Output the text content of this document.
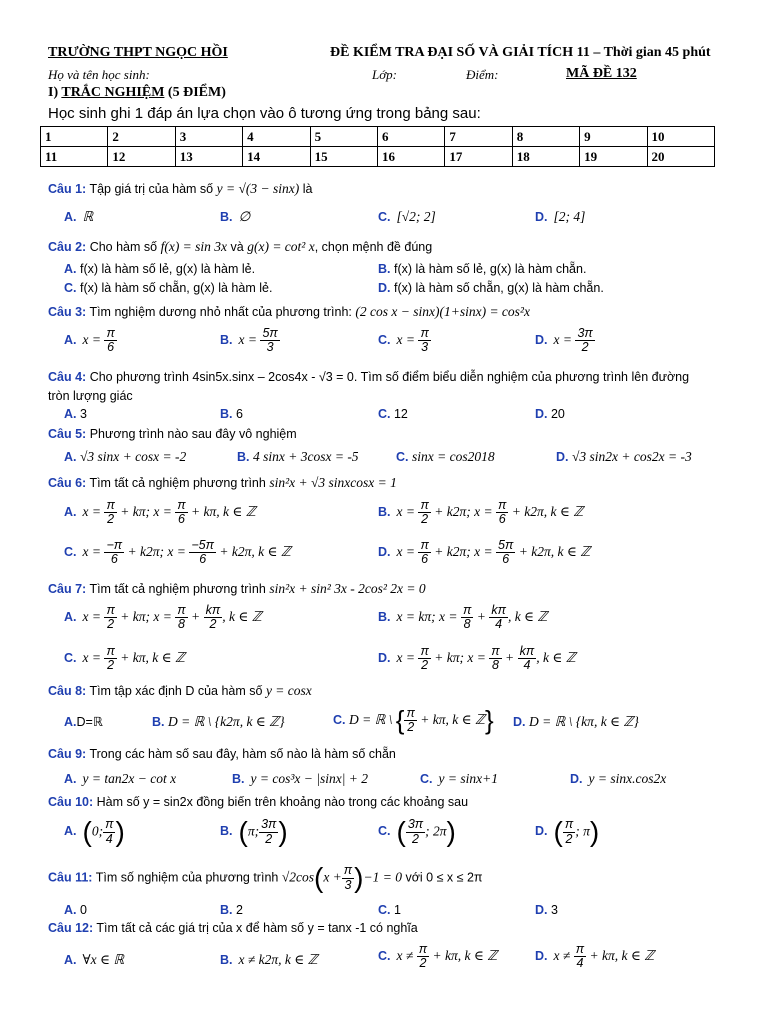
TRƯỜNG THPT NGỌC HỒI	ĐỀ KIỂM TRA ĐẠI SỐ VÀ GIẢI TÍCH 11 – Thời gian 45 phút
Họ và tên học sinh:	Lớp:	Điểm:	MÃ ĐỀ 132
I) TRẮC NGHIỆM (5 ĐIỂM)
Học sinh ghi 1 đáp án lựa chọn vào ô tương ứng trong bảng sau:
1	2	3	4	5	6	7	8	9	10
11	12	13	14	15	16	17	18	19	20
Câu 1: Tập giá trị của hàm số y = √(3 − sinx) là
A. ℝ	B. ∅	C. [√2; 2]	D. [2; 4]
Câu 2: Cho hàm số f(x) = sin 3x và g(x) = cot² x, chọn mệnh đề đúng
A. f(x) là hàm số lẻ, g(x) là hàm lẻ.	B. f(x) là hàm số lẻ, g(x) là hàm chẵn.
C. f(x) là hàm số chẵn, g(x) là hàm lẻ.	D. f(x) là hàm số chẵn, g(x) là hàm chẵn.
Câu 3: Tìm nghiệm dương nhỏ nhất của phương trình: (2 cos x − sinx)(1+sinx) = cos²x
A. $x = \frac{\pi}{6}$	B. $x = \frac{5\pi}{3}$	C. $x = \frac{\pi}{3}$	D. $x = \frac{3\pi}{2}$
Câu 4: Cho phương trình 4sin5x.sinx – 2cos4x - √3 = 0. Tìm số điểm biểu diễn nghiệm của phương trình lên đường
tròn lượng giác
A. 3	B. 6	C. 12	D. 20
Câu 5: Phương trình nào sau đây vô nghiệm
A. √3 sinx + cosx = -2	B. 4 sinx + 3cosx = -5	C. sinx = cos2018	D. √3 sin2x + cos2x = -3
Câu 6: Tìm tất cả nghiệm phương trình sin²x + √3 sinxcosx = 1
A. $x = \frac{\pi}{2} + k\pi$; $x = \frac{\pi}{6} + k\pi$, k ∈ ℤ	B. $x = \frac{\pi}{2} + k2\pi$; $x = \frac{\pi}{6} + k2\pi$, k ∈ ℤ
C. $x = \frac{-\pi}{6} + k2\pi$; $x = \frac{-5\pi}{6} + k2\pi$, k ∈ ℤ	D. $x = \frac{\pi}{6} + k2\pi$; $x = \frac{5\pi}{6} + k2\pi$, k ∈ ℤ
Câu 7: Tìm tất cả nghiệm phương trình sin²x + sin² 3x - 2cos² 2x = 0
A. $x = \frac{\pi}{2} + k\pi$; $x = \frac{\pi}{8} + \frac{k\pi}{2}$ , k ∈ ℤ	B. x = kπ; $x = \frac{\pi}{8} + \frac{k\pi}{4}$ , k ∈ ℤ
C. $x = \frac{\pi}{2} + k\pi$, k ∈ ℤ	D. $x = \frac{\pi}{2} + k\pi$; $x = \frac{\pi}{8} + \frac{k\pi}{4}$ , k ∈ ℤ
Câu 8: Tìm tập xác định D của hàm số y = cosx
A.D=ℝ	B. D = ℝ \ {k2π, k ∈ ℤ}	C. D = ℝ \ { $\frac{\pi}{2} + k\pi$, k ∈ ℤ} D. D = ℝ \ {kπ, k ∈ ℤ}
Câu 9: Trong các hàm số sau đây, hàm số nào là hàm số chẵn
A. y = tan2x − cot x	B. y = cos³x − |sinx| + 2	C. y = sinx+1	D. y = sinx.cos2x
Câu 10: Hàm số y = sin2x đồng biến trên khoảng nào trong các khoảng sau
A. (0; $\frac{\pi}{4}$ )	B. (π; $\frac{3\pi}{2}$ )	C. ( $\frac{3\pi}{2}$ ; 2π)	D. ( $\frac{\pi}{2}$ ; π)
Câu 11: Tìm số nghiệm của phương trình $√2\cos(x + \frac{\pi}{3} )-1 = 0$ với 0 ≤ x ≤ 2π
A. 0	B. 2	C. 1	D. 3
Câu 12: Tìm tất cả các giá trị của x để hàm số y = tanx -1 có nghĩa
A. ∀x ∈ ℝ	B. x ≠ k2π, k ∈ ℤ	C. $x \ne \frac{\pi}{2} + k\pi$, k ∈ ℤ	D. $x \ne \frac{\pi}{4} + k\pi$, k ∈ ℤ
